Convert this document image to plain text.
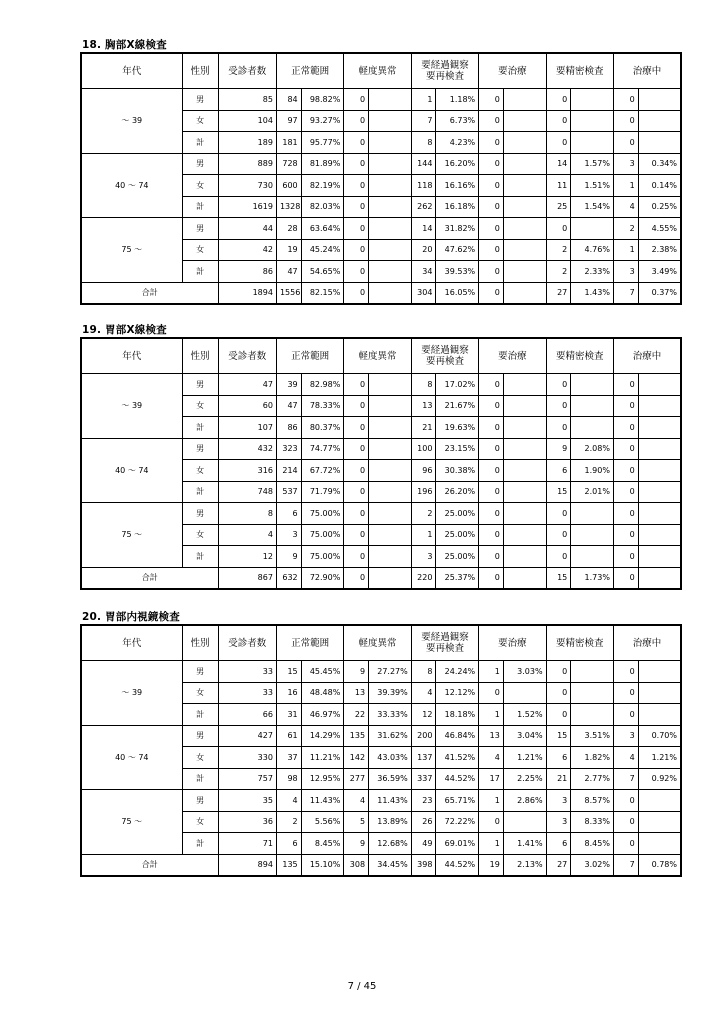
18. 胸部X線検査
年代	性別	受診者数	正常範囲		軽度異常		要経過観察
要再検査		要治療		要精密検査		治療中	
～ 39	男	85	84	98.82%	0		1	1.18%	0		0		0	
	女	104	97	93.27%	0		7	6.73%	0		0		0	
	計	189	181	95.77%	0		8	4.23%	0		0		0	
40 ～ 74	男	889	728	81.89%	0		144	16.20%	0		14	1.57%	3	0.34%
	女	730	600	82.19%	0		118	16.16%	0		11	1.51%	1	0.14%
	計	1619	1328	82.03%	0		262	16.18%	0		25	1.54%	4	0.25%
75 ～	男	44	28	63.64%	0		14	31.82%	0		0		2	4.55%
	女	42	19	45.24%	0		20	47.62%	0		2	4.76%	1	2.38%
	計	86	47	54.65%	0		34	39.53%	0		2	2.33%	3	3.49%
合計		1894	1556	82.15%	0		304	16.05%	0		27	1.43%	7	0.37%
19. 胃部X線検査
年代	性別	受診者数	正常範囲		軽度異常		要経過観察
要再検査		要治療		要精密検査		治療中	
～ 39	男	47	39	82.98%	0		8	17.02%	0		0		0	
	女	60	47	78.33%	0		13	21.67%	0		0		0	
	計	107	86	80.37%	0		21	19.63%	0		0		0	
40 ～ 74	男	432	323	74.77%	0		100	23.15%	0		9	2.08%	0	
	女	316	214	67.72%	0		96	30.38%	0		6	1.90%	0	
	計	748	537	71.79%	0		196	26.20%	0		15	2.01%	0	
75 ～	男	8	6	75.00%	0		2	25.00%	0		0		0	
	女	4	3	75.00%	0		1	25.00%	0		0		0	
	計	12	9	75.00%	0		3	25.00%	0		0		0	
合計		867	632	72.90%	0		220	25.37%	0		15	1.73%	0	
20. 胃部内視鏡検査
年代	性別	受診者数	正常範囲		軽度異常		要経過観察
要再検査		要治療		要精密検査		治療中	
～ 39	男	33	15	45.45%	9	27.27%	8	24.24%	1	3.03%	0		0	
	女	33	16	48.48%	13	39.39%	4	12.12%	0		0		0	
	計	66	31	46.97%	22	33.33%	12	18.18%	1	1.52%	0		0	
40 ～ 74	男	427	61	14.29%	135	31.62%	200	46.84%	13	3.04%	15	3.51%	3	0.70%
	女	330	37	11.21%	142	43.03%	137	41.52%	4	1.21%	6	1.82%	4	1.21%
	計	757	98	12.95%	277	36.59%	337	44.52%	17	2.25%	21	2.77%	7	0.92%
75 ～	男	35	4	11.43%	4	11.43%	23	65.71%	1	2.86%	3	8.57%	0	
	女	36	2	5.56%	5	13.89%	26	72.22%	0		3	8.33%	0	
	計	71	6	8.45%	9	12.68%	49	69.01%	1	1.41%	6	8.45%	0	
合計		894	135	15.10%	308	34.45%	398	44.52%	19	2.13%	27	3.02%	7	0.78%
7 / 45
